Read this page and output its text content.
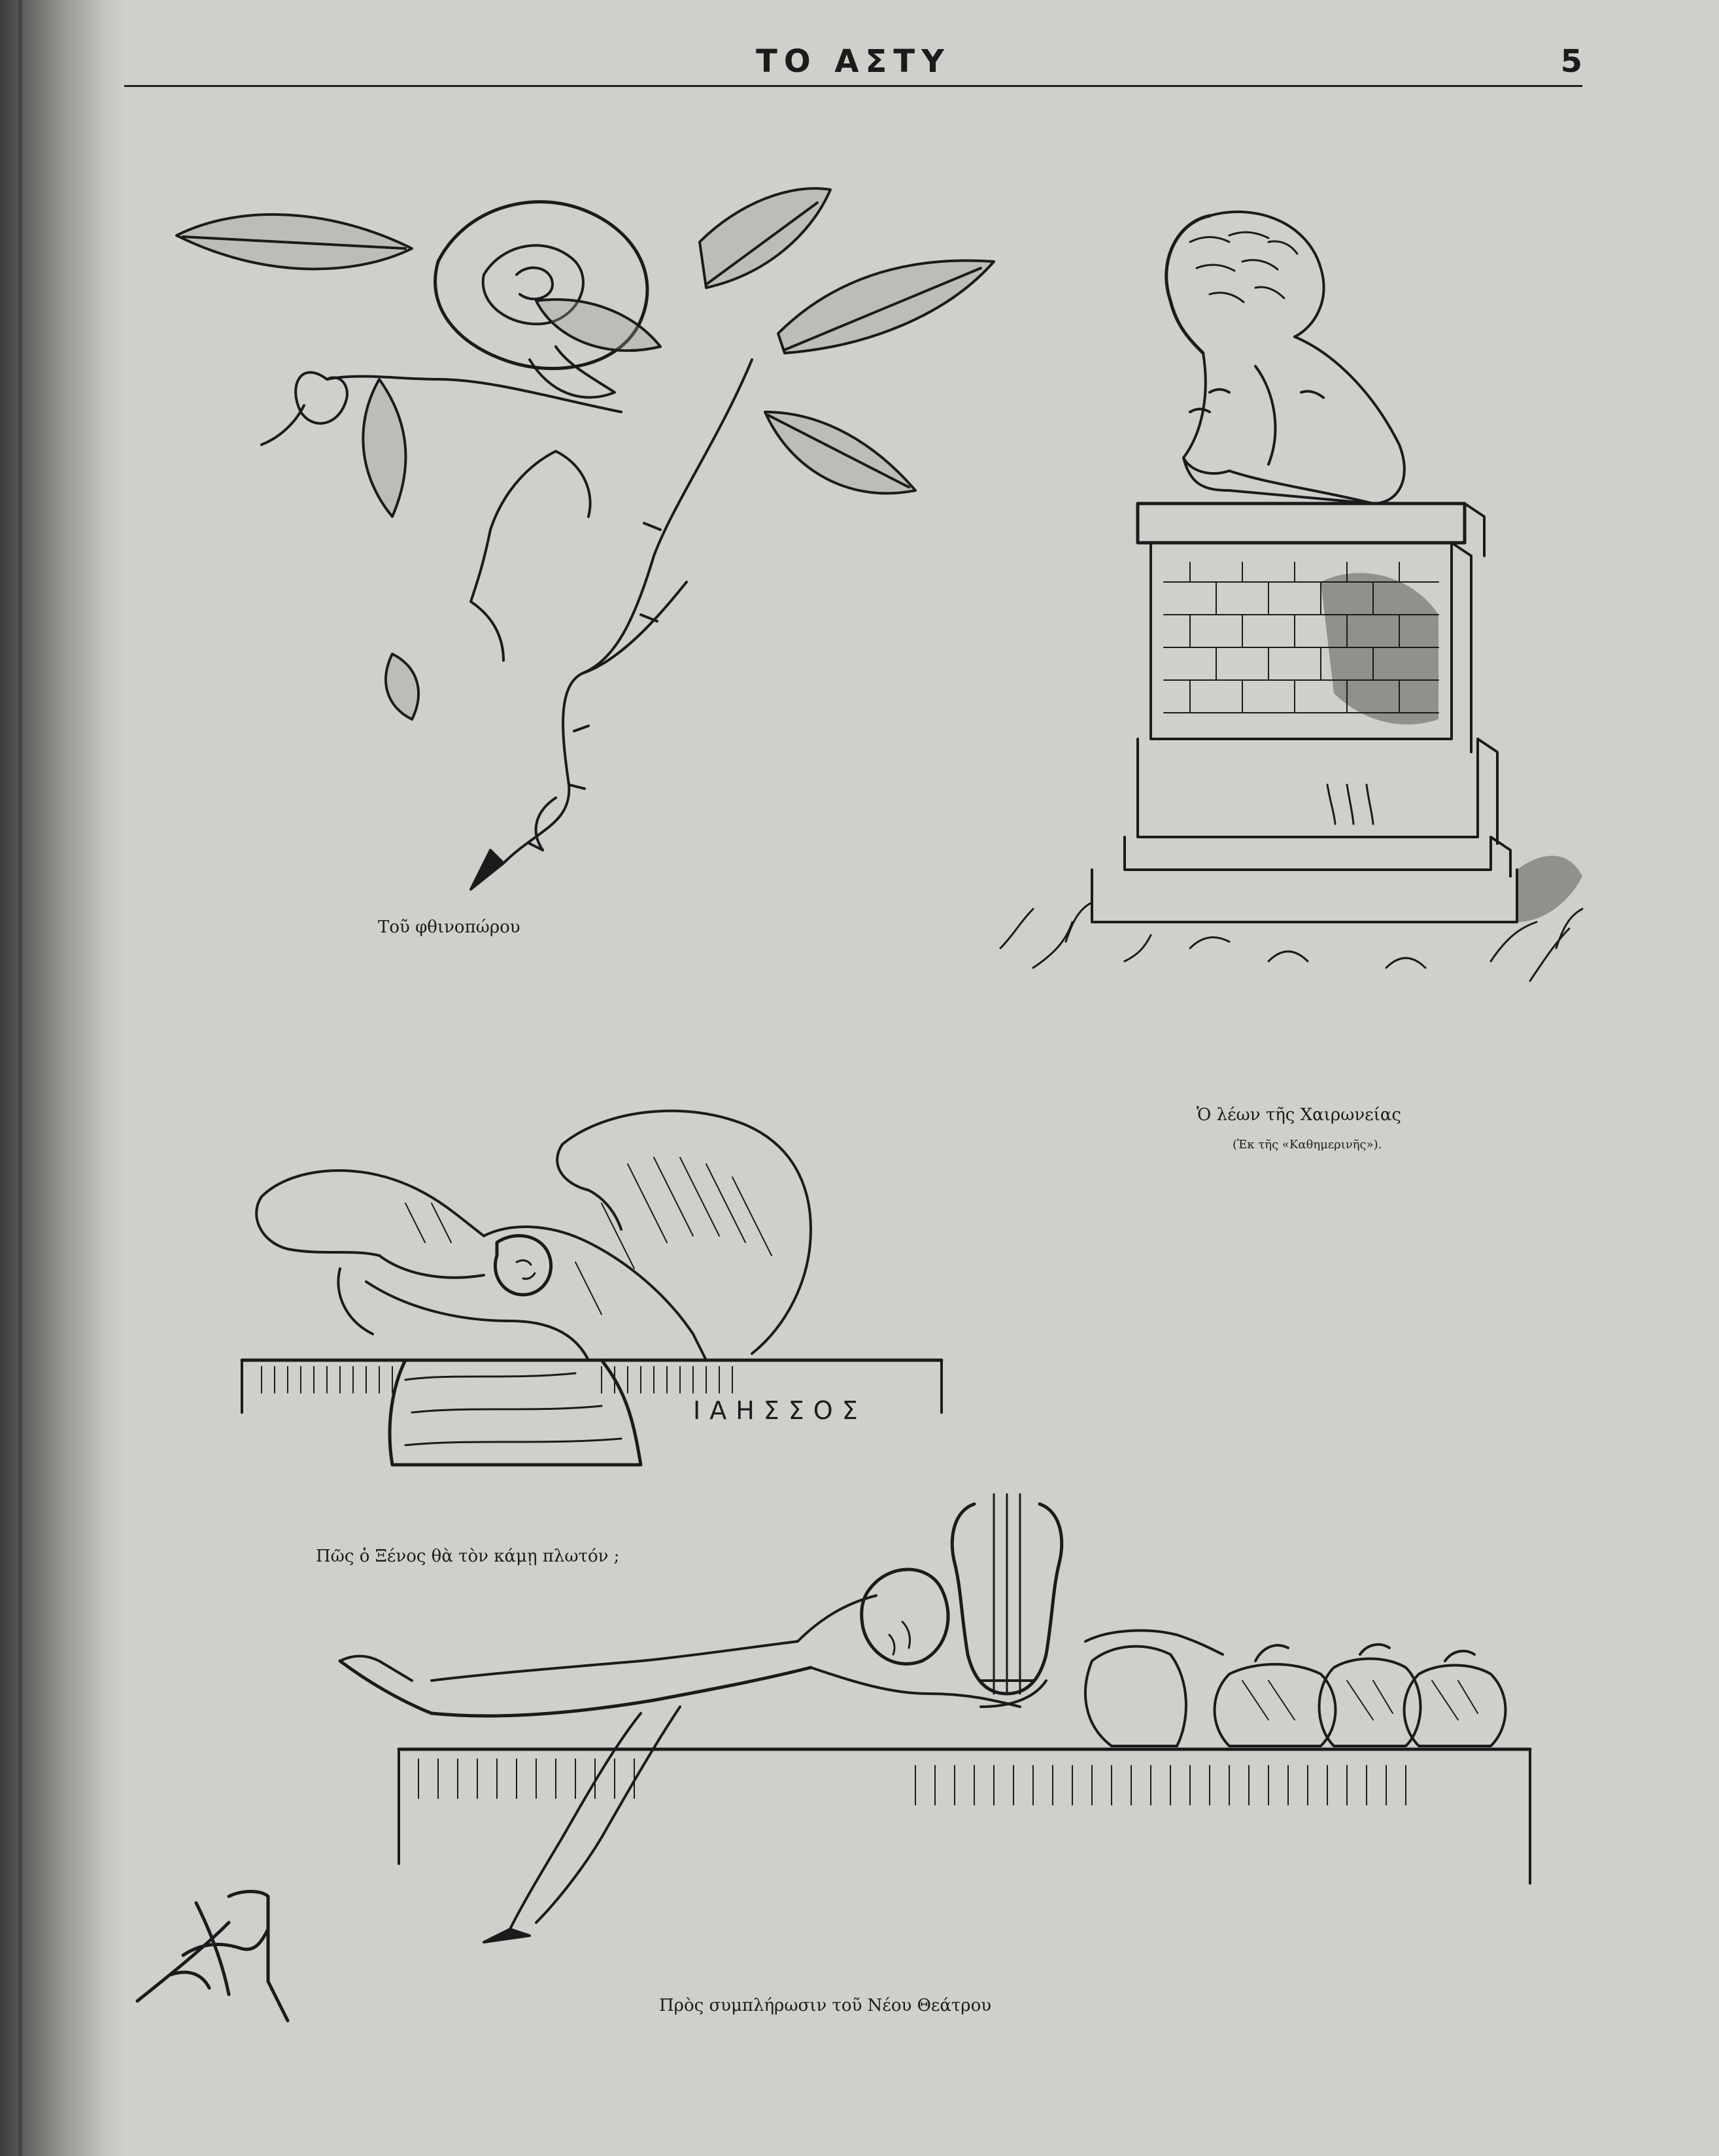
ΤΟ ΑΣΤΥ	5
Τοῦ φθινοπώρου
Ὁ λέων τῆς Χαιρωνείας
(Ἐκ τῆς «Καθημερινῆς»).
ΙΑΗΣΣΟΣ
Πῶς ὁ Ξένος θὰ τὸν κάμῃ πλωτόν ;
Πρὸς συμπλήρωσιν τοῦ Νέου Θεάτρου
